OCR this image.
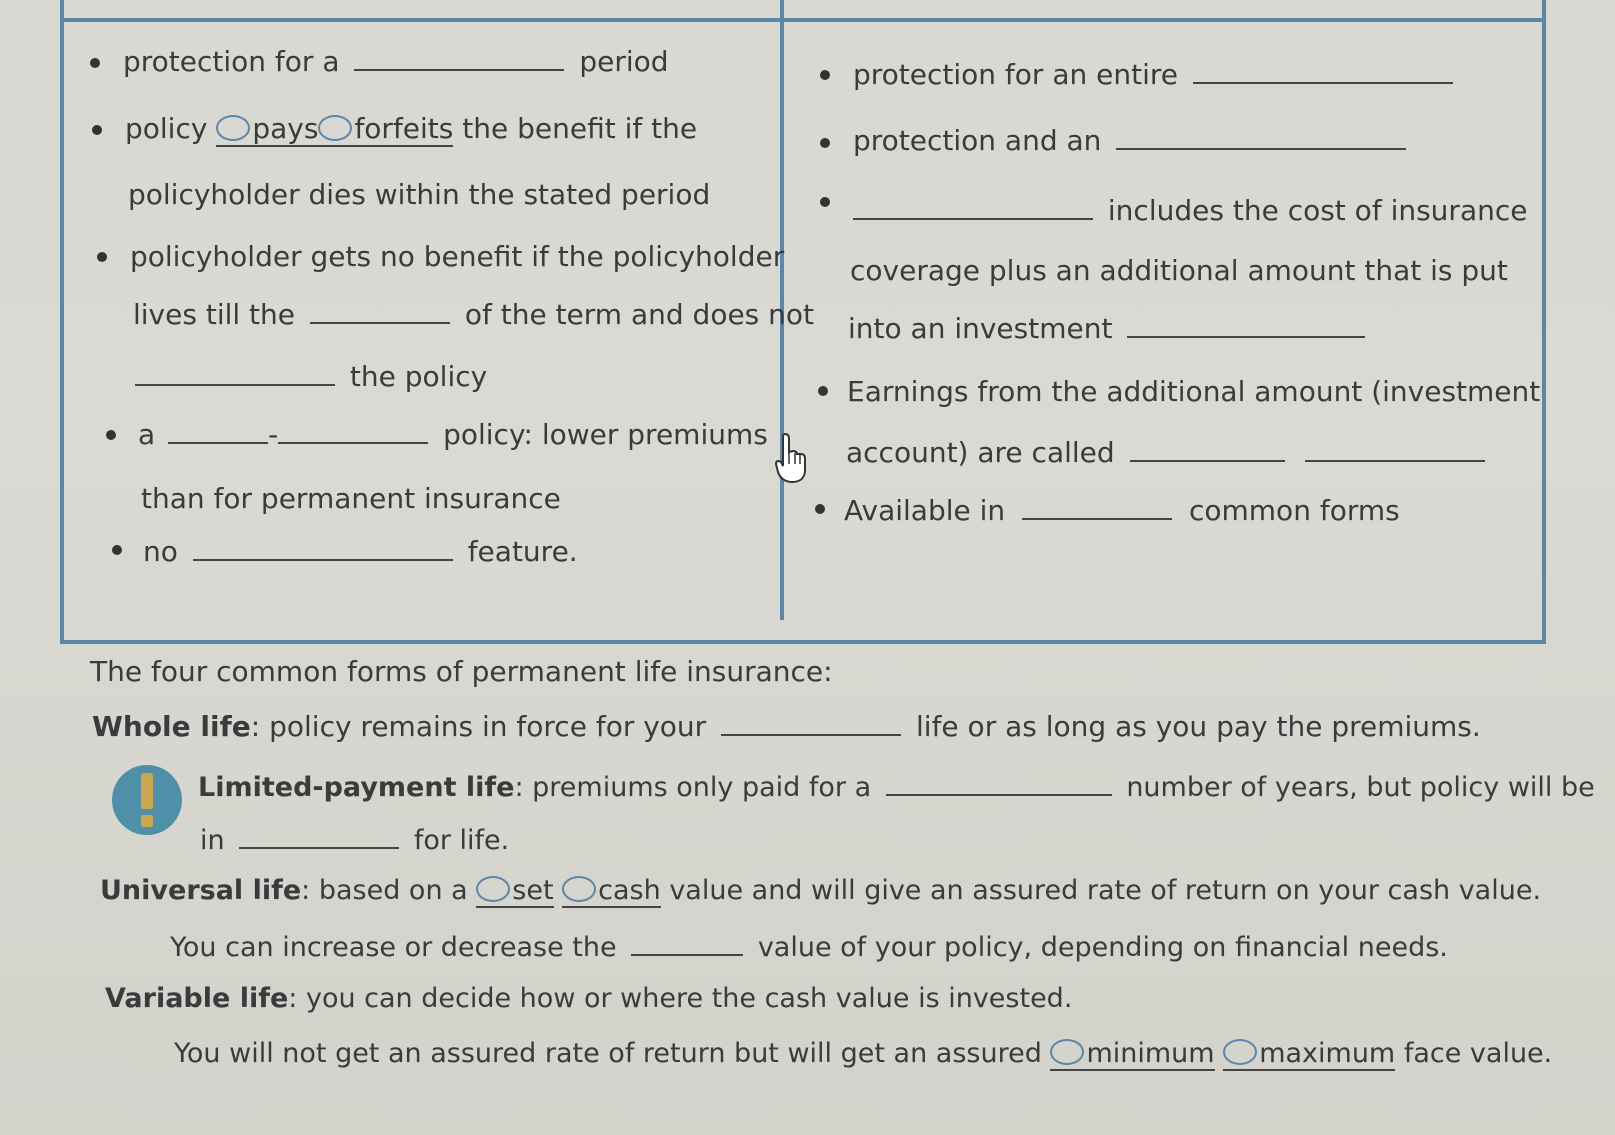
protection for a	period
policy pays forfeits the benefit if the
policyholder dies within the stated period
policyholder gets no benefit if the policyholder
lives till the	of the term and does not
the policy
a	-	policy: lower premiums
than for permanent insurance
no	feature.
protection for an entire
protection and an
includes the cost of insurance
coverage plus an additional amount that is put
into an investment
Earnings from the additional amount (investment
account) are called
Available in	common forms
The four common forms of permanent life insurance:
Whole life: policy remains in force for your	life or as long as you pay the premiums.
Limited-payment life: premiums only paid for a	number of years, but policy will be
in	for life.
Universal life: based on a set cash value and will give an assured rate of return on your cash value.
You can increase or decrease the	value of your policy, depending on financial needs.
Variable life: you can decide how or where the cash value is invested.
You will not get an assured rate of return but will get an assured minimum maximum face value.
